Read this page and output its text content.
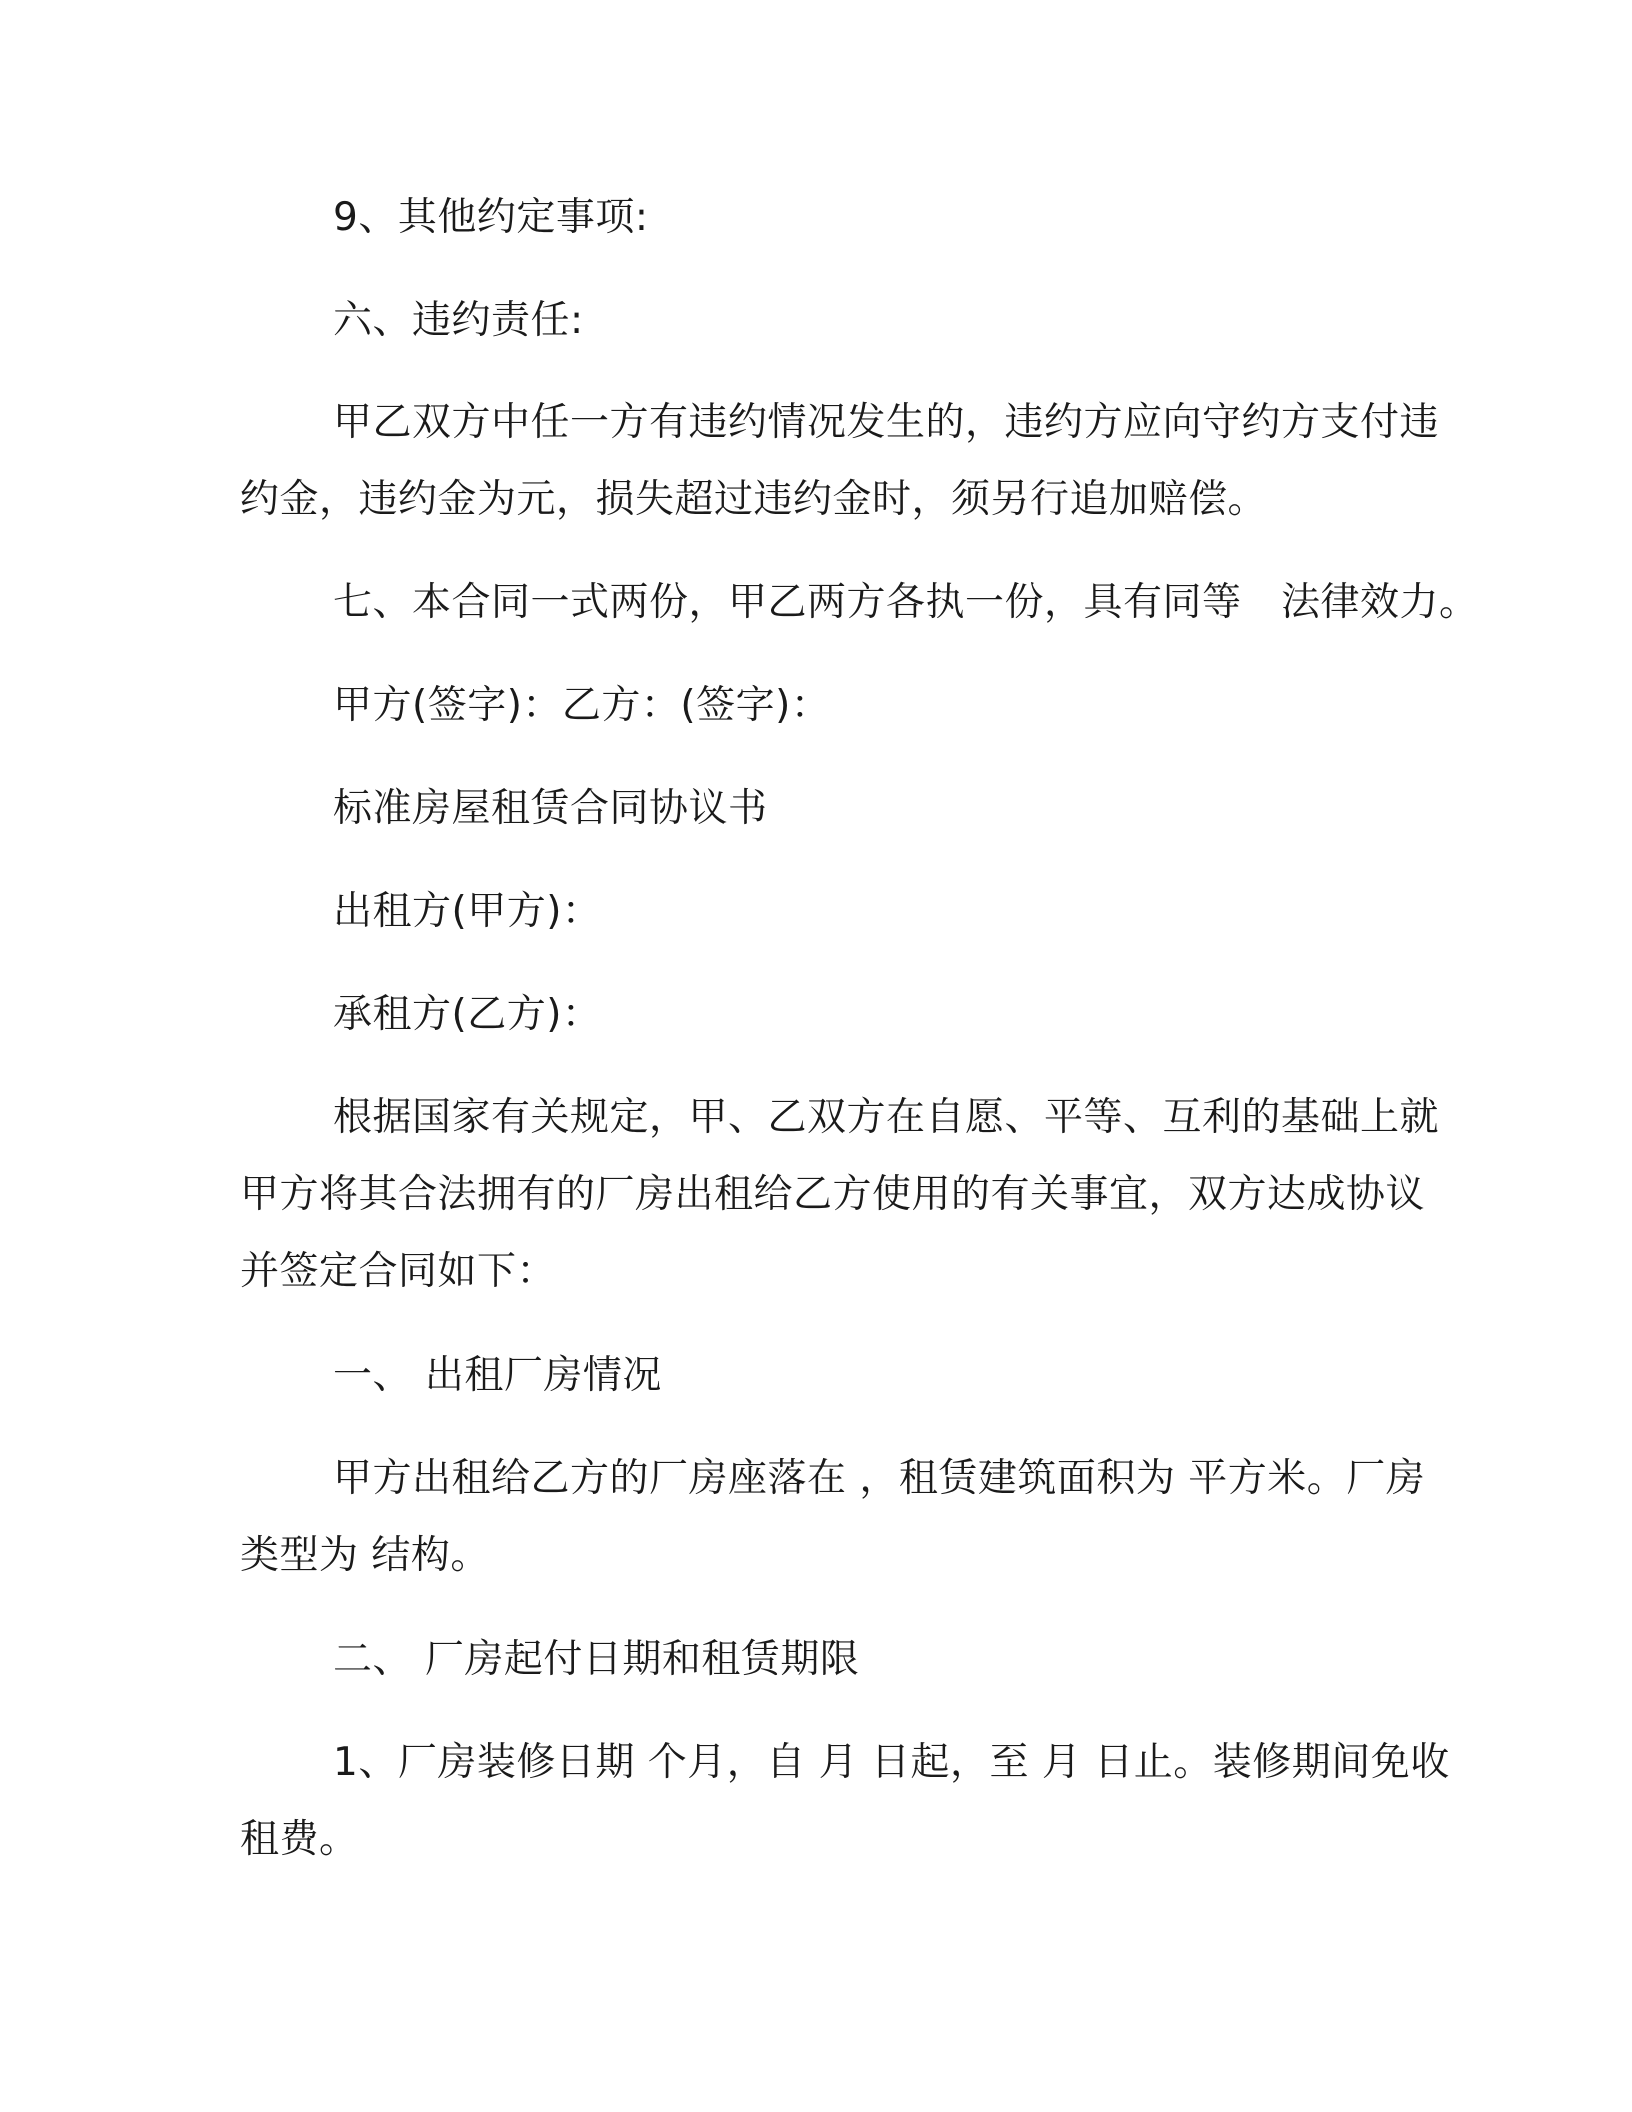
9、其他约定事项:
六、违约责任:
甲乙双方中任一方有违约情况发生的，违约方应向守约方支付违
约金，违约金为元，损失超过违约金时，须另行追加赔偿。
七、本合同一式两份，甲乙两方各执一份，具有同等　法律效力。
甲方(签字)：乙方：(签字)：
标准房屋租赁合同协议书
出租方(甲方)：
承租方(乙方)：
根据国家有关规定，甲、乙双方在自愿、平等、互利的基础上就
甲方将其合法拥有的厂房出租给乙方使用的有关事宜，双方达成协议
并签定合同如下：
一、 出租厂房情况
甲方出租给乙方的厂房座落在 ，租赁建筑面积为 平方米。厂房
类型为 结构。
二、 厂房起付日期和租赁期限
1、厂房装修日期 个月，自 月 日起，至 月 日止。装修期间免收
租费。
